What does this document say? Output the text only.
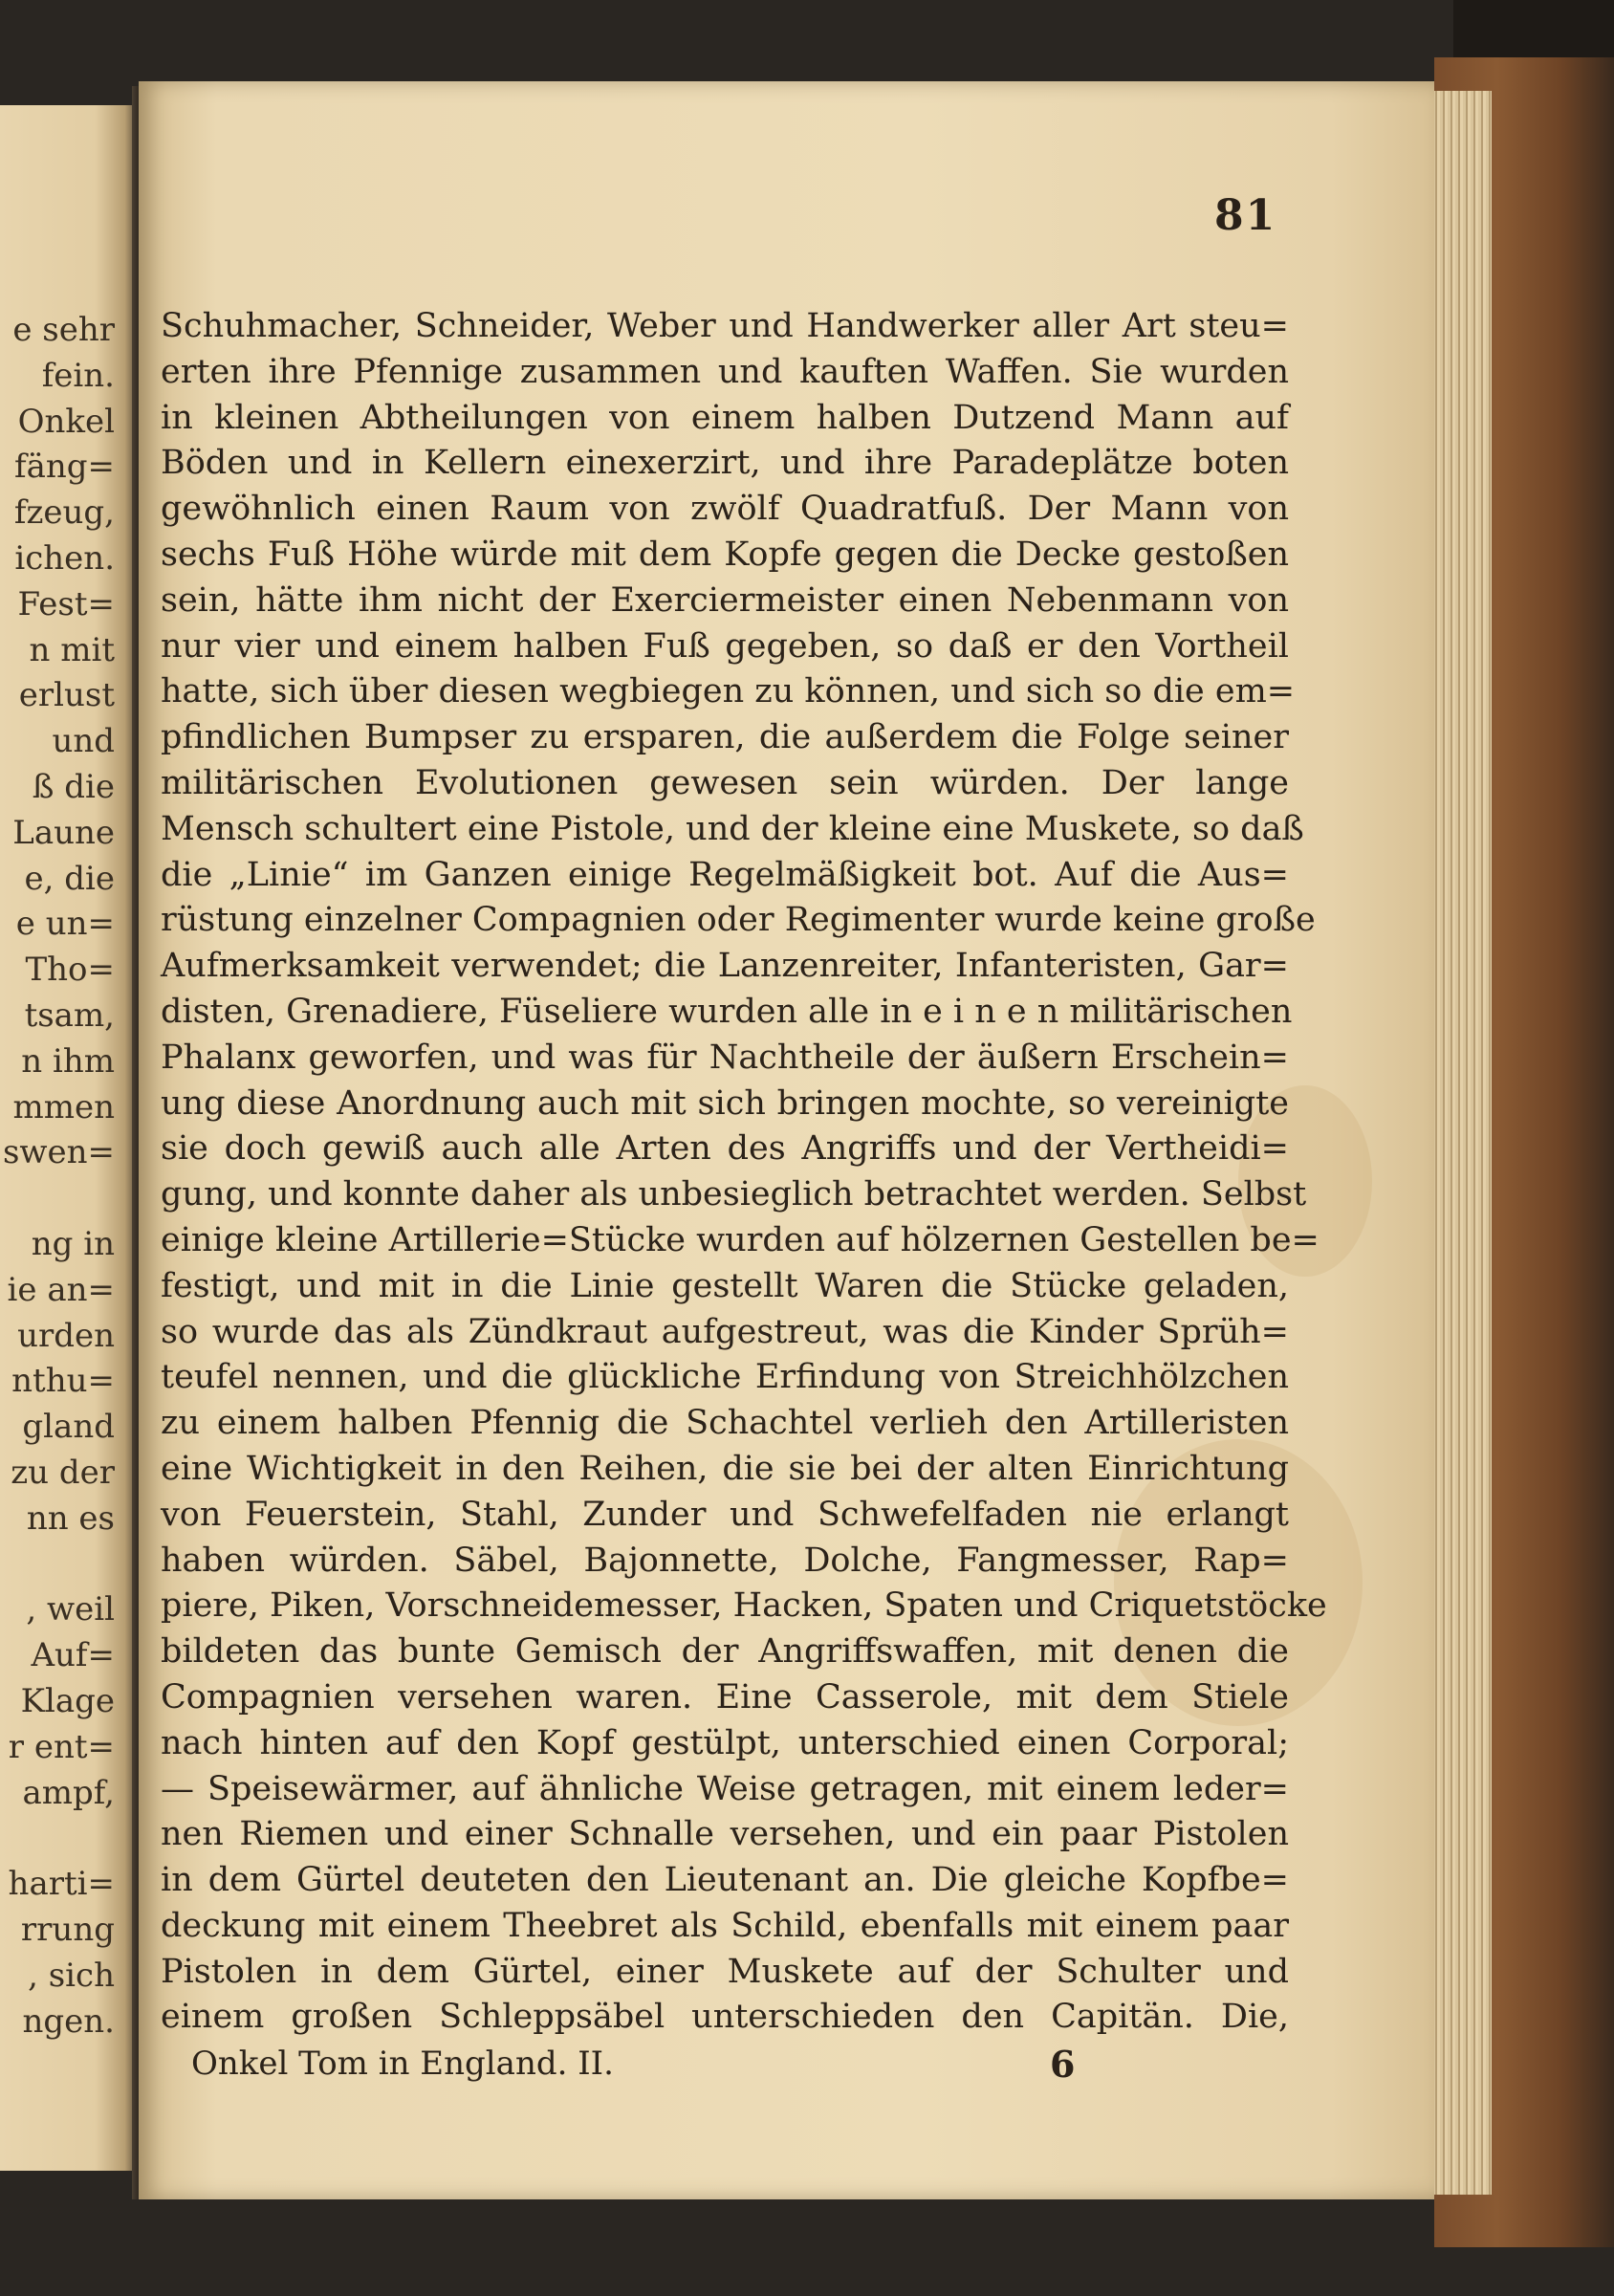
e sehr
fein.
Onkel
fäng=
fzeug,
ichen.
Fest=
n mit
erlust
und
ß die
Laune
e, die
e un=
Tho=
tsam,
n ihm
mmen
swen=
ng in
ie an=
urden
nthu=
gland
zu der
nn es
, weil
Auf=
Klage
r ent=
ampf,
harti=
rrung
, sich
ngen.
81
Schuhmacher, Schneider, Weber und Handwerker aller Art steu=
erten ihre Pfennige zusammen und kauften Waffen. Sie wurden
in kleinen Abtheilungen von einem halben Dutzend Mann auf
Böden und in Kellern einexerzirt, und ihre Paradeplätze boten
gewöhnlich einen Raum von zwölf Quadratfuß. Der Mann von
sechs Fuß Höhe würde mit dem Kopfe gegen die Decke gestoßen
sein, hätte ihm nicht der Exerciermeister einen Nebenmann von
nur vier und einem halben Fuß gegeben, so daß er den Vortheil
hatte, sich über diesen wegbiegen zu können, und sich so die em=
pfindlichen Bumpser zu ersparen, die außerdem die Folge seiner
militärischen Evolutionen gewesen sein würden. Der lange
Mensch schultert eine Pistole, und der kleine eine Muskete, so daß
die „Linie“ im Ganzen einige Regelmäßigkeit bot. Auf die Aus=
rüstung einzelner Compagnien oder Regimenter wurde keine große
Aufmerksamkeit verwendet; die Lanzenreiter, Infanteristen, Gar=
disten, Grenadiere, Füseliere wurden alle in e i n e n militärischen
Phalanx geworfen, und was für Nachtheile der äußern Erschein=
ung diese Anordnung auch mit sich bringen mochte, so vereinigte
sie doch gewiß auch alle Arten des Angriffs und der Vertheidi=
gung, und konnte daher als unbesieglich betrachtet werden. Selbst
einige kleine Artillerie=Stücke wurden auf hölzernen Gestellen be=
festigt, und mit in die Linie gestellt Waren die Stücke geladen,
so wurde das als Zündkraut aufgestreut, was die Kinder Sprüh=
teufel nennen, und die glückliche Erfindung von Streichhölzchen
zu einem halben Pfennig die Schachtel verlieh den Artilleristen
eine Wichtigkeit in den Reihen, die sie bei der alten Einrichtung
von Feuerstein, Stahl, Zunder und Schwefelfaden nie erlangt
haben würden. Säbel, Bajonnette, Dolche, Fangmesser, Rap=
piere, Piken, Vorschneidemesser, Hacken, Spaten und Criquetstöcke
bildeten das bunte Gemisch der Angriffswaffen, mit denen die
Compagnien versehen waren. Eine Casserole, mit dem Stiele
nach hinten auf den Kopf gestülpt, unterschied einen Corporal;
— Speisewärmer, auf ähnliche Weise getragen, mit einem leder=
nen Riemen und einer Schnalle versehen, und ein paar Pistolen
in dem Gürtel deuteten den Lieutenant an. Die gleiche Kopfbe=
deckung mit einem Theebret als Schild, ebenfalls mit einem paar
Pistolen in dem Gürtel, einer Muskete auf der Schulter und
einem großen Schleppsäbel unterschieden den Capitän. Die,
Onkel Tom in England. II.	6
